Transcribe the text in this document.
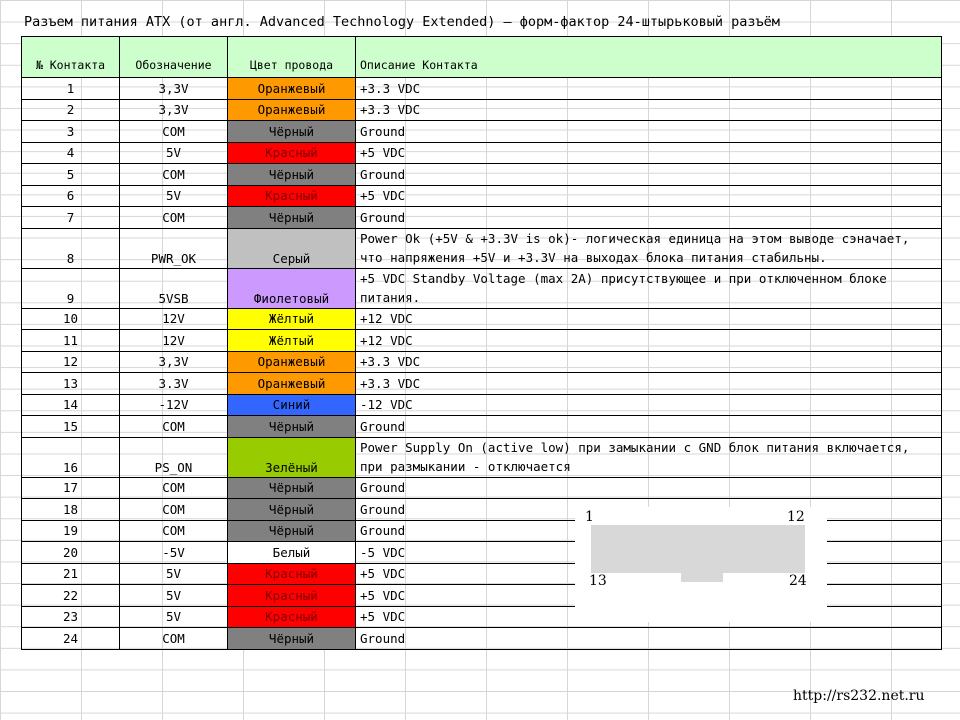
Разъем питания ATX (от англ. Advanced Technology Extended) — форм-фактор 24-штырьковый разъём
№ Контакта	Обозначение	Цвет провода	Описание Контакта
1	3,3V	Оранжевый	+3.3 VDC
2	3,3V	Оранжевый	+3.3 VDC
3	COM	Чёрный	Ground
4	5V	Красный	+5 VDC
5	COM	Чёрный	Ground
6	5V	Красный	+5 VDC
7	COM	Чёрный	Ground
8	PWR_OK	Серый	Power Ok (+5V & +3.3V is ok)- логическая единица на этом выводе сэначает, что напряжения +5V и +3.3V на выходах блока питания стабильны.
9	5VSB	Фиолетовый	+5 VDC Standby Voltage (max 2A) присутствующее и при отключенном блоке питания.
10	12V	Жёлтый	+12 VDC
11	12V	Жёлтый	+12 VDC
12	3,3V	Оранжевый	+3.3 VDC
13	3.3V	Оранжевый	+3.3 VDC
14	-12V	Синий	-12 VDC
15	COM	Чёрный	Ground
16	PS_ON	Зелёный	Power Supply On (active low) при замыкании с GND блок питания включается, при размыкании - отключается
17	COM	Чёрный	Ground
18	COM	Чёрный	Ground
19	COM	Чёрный	Ground
20	-5V	Белый	-5 VDC
21	5V	Красный	+5 VDC
22	5V	Красный	+5 VDC
23	5V	Красный	+5 VDC
24	COM	Чёрный	Ground
1	12
13	24
http://rs232.net.ru
